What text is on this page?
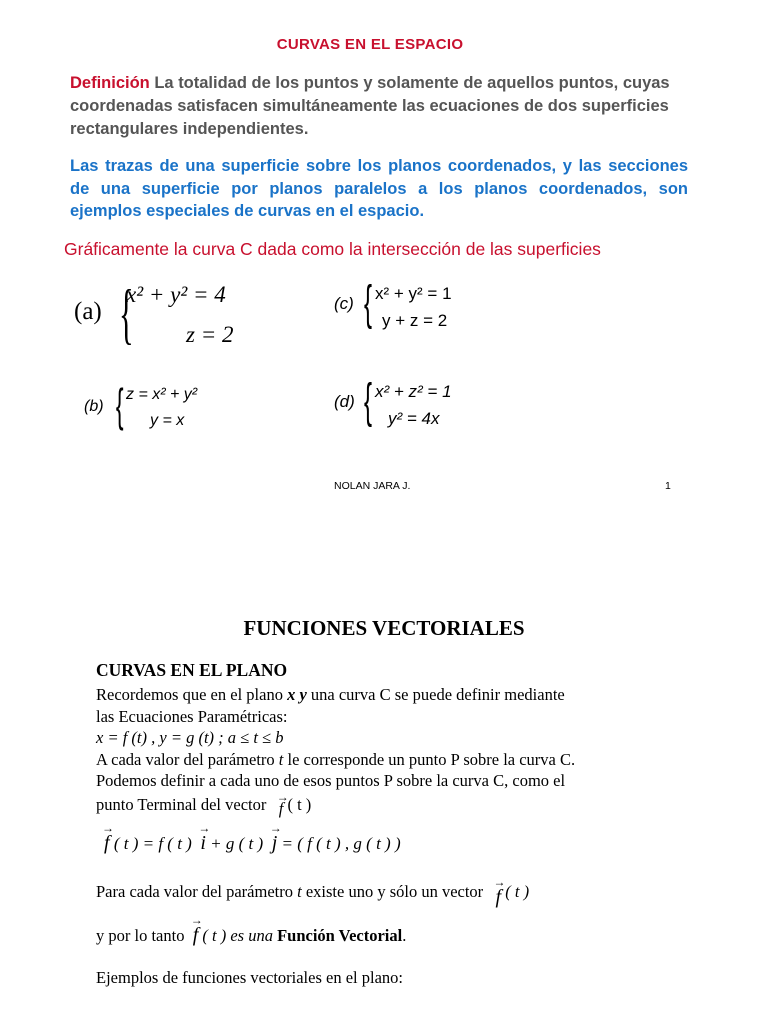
CURVAS EN EL ESPACIO
Definición La totalidad de los puntos y solamente de aquellos puntos, cuyas coordenadas satisfacen simultáneamente las ecuaciones de dos superficies rectangulares independientes.
Las trazas de una superficie sobre los planos coordenados, y las secciones de una superficie por planos paralelos a los planos coordenados, son ejemplos especiales de curvas en el espacio.
Gráficamente la curva C dada como la intersección de las superficies
(a) {
x² + y² = 4
z = 2
(c) { x² + y² = 1
y + z = 2
(b) { z = x² + y²
y = x
(d) { x² + z² = 1
y² = 4x
NOLAN JARA J.	1
FUNCIONES VECTORIALES
CURVAS EN EL PLANO
Recordemos que en el plano x y una curva C se puede definir mediante
las Ecuaciones Paramétricas:
x = f (t) , y = g (t) ; a ≤ t ≤ b
A cada valor del parámetro t le corresponde un punto P sobre la curva C.
Podemos definir a cada uno de esos puntos P sobre la curva C, como el
punto Terminal del vector →
f ( t )
→
f ( t ) = f ( t )
→
i + g ( t )
→
j = ( f ( t ) , g ( t ) )
Para cada valor del parámetro t existe uno y sólo un vector →
f ( t )
y por lo tanto
→
f ( t ) es una Función Vectorial.
Ejemplos de funciones vectoriales en el plano:
